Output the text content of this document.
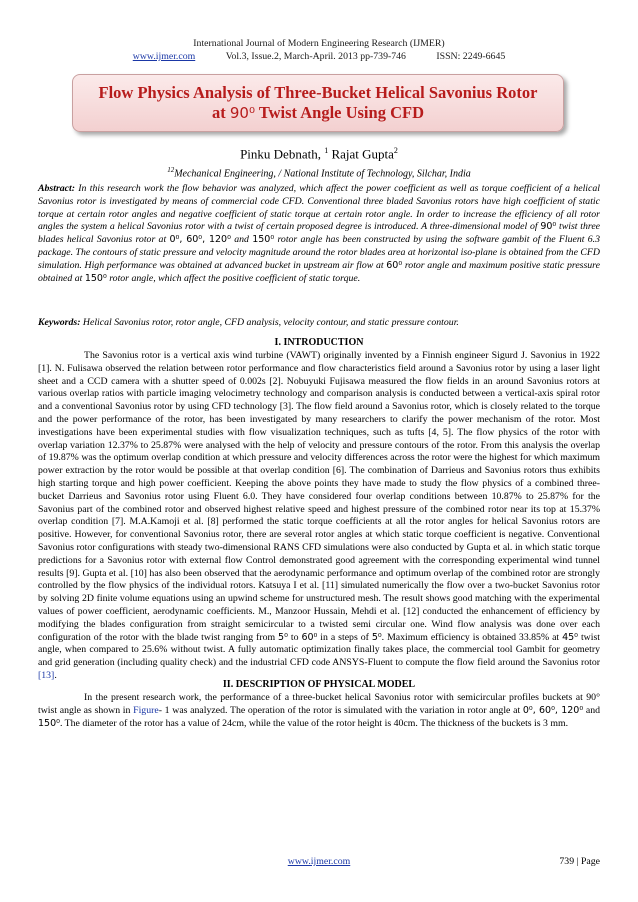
International Journal of Modern Engineering Research (IJMER)
www.ijmer.com	Vol.3, Issue.2, March-April. 2013 pp-739-746	ISSN: 2249-6645
Flow Physics Analysis of Three-Bucket Helical Savonius Rotor
at 90⁰ Twist Angle Using CFD
Pinku Debnath, $^1$ Rajat Gupta$^2$
$^{12}$Mechanical Engineering, / National Institute of Technology, Silchar, India
Abstract: In this research work the flow behavior was analyzed, which affect the power coefficient as well as torque coefficient of a helical Savonius rotor is investigated by means of commercial code CFD. Conventional three bladed Savonius rotors have high coefficient of static torque at certain rotor angles and negative coefficient of static torque at certain rotor angle. In order to increase the efficiency of all rotor angles the system a helical Savonius rotor with a twist of certain proposed degree is introduced. A three-dimensional model of 90⁰ twist three blades helical Savonius rotor at 0⁰, 60⁰, 120⁰ and 150⁰ rotor angle has been constructed by using the software gambit of the Fluent 6.3 package. The contours of static pressure and velocity magnitude around the rotor blades area at horizontal iso-plane is obtained from the CFD simulation. High performance was obtained at advanced bucket in upstream air flow at 60⁰ rotor angle and maximum positive static pressure obtained at 150⁰ rotor angle, which affect the positive coefficient of static torque.
Keywords: Helical Savonius rotor, rotor angle, CFD analysis, velocity contour, and static pressure contour.
I. INTRODUCTION
The Savonius rotor is a vertical axis wind turbine (VAWT) originally invented by a Finnish engineer Sigurd J. Savonius in 1922 [1]. N. Fulisawa observed the relation between rotor performance and flow characteristics field around a Savonius rotor by using a laser light sheet and a CCD camera with a shutter speed of 0.002s [2]. Nobuyuki Fujisawa measured the flow fields in an around Savonius rotors at various overlap ratios with particle imaging velocimetry technology and comparison analysis is conducted between a vertical-axis spiral rotor and a conventional Savonius rotor by using CFD technology [3]. The flow field around a Savonius rotor, which is closely related to the torque and the power performance of the rotor, has been investigated by many researchers to clarify the power mechanism of the rotor. Most investigations have been experimental studies with flow visualization techniques, such as tufts [4, 5]. The flow physics of the rotor with overlap variation 12.37% to 25.87% were analysed with the help of velocity and pressure contours of the rotor. From this analysis the overlap of 19.87% was the optimum overlap condition at which pressure and velocity differences across the rotor were the highest for which maximum power extraction by the rotor would be possible at that overlap condition [6]. The combination of Darrieus and Savonius rotors thus exhibits high starting torque and high power coefficient. Keeping the above points they have made to study the flow physics of a combined three-bucket Darrieus and Savonius rotor using Fluent 6.0. They have considered four overlap conditions between 10.87% to 25.87% for the Savonius part of the combined rotor and observed highest relative speed and highest pressure of the combined rotor near its top at 15.37% overlap condition [7]. M.A.Kamoji et al. [8] performed the static torque coefficients at all the rotor angles for helical Savonius rotors are positive. However, for conventional Savonius rotor, there are several rotor angles at which static torque coefficient is negative. Conventional Savonius rotor configurations with steady two-dimensional RANS CFD simulations were also conducted by Gupta et al. in which static torque predictions for a Savonius rotor with external flow Control demonstrated good agreement with the corresponding experimental wind tunnel results [9]. Gupta et al. [10] has also been observed that the aerodynamic performance and optimum overlap of the combined rotor are strongly controlled by the flow physics of the individual rotors. Katsuya I et al. [11] simulated numerically the flow over a two-bucket Savonius rotor by solving 2D finite volume equations using an upwind scheme for unstructured mesh. The result shows good matching with the experimental values of power coefficient, aerodynamic coefficients. M., Manzoor Hussain, Mehdi et al. [12] conducted the enhancement of efficiency by modifying the blades configuration from straight semicircular to a twisted semi circular one. Wind flow analysis was done over each configuration of the rotor with the blade twist ranging from 5⁰ to 60⁰ in a steps of 5⁰. Maximum efficiency is obtained 33.85% at 45⁰ twist angle, when compared to 25.6% without twist. A fully automatic optimization finally takes place, the commercial tool Gambit for geometry and grid generation (including quality check) and the industrial CFD code ANSYS-Fluent to compute the flow field around the Savonius rotor [13].
II. DESCRIPTION OF PHYSICAL MODEL
In the present research work, the performance of a three-bucket helical Savonius rotor with semicircular profiles buckets at 90° twist angle as shown in Figure- 1 was analyzed. The operation of the rotor is simulated with the variation in rotor angle at 0⁰, 60⁰, 120⁰ and 150⁰. The diameter of the rotor has a value of 24cm, while the value of the rotor height is 40cm. The thickness of the buckets is 3 mm.
www.ijmer.com	739 | Page
